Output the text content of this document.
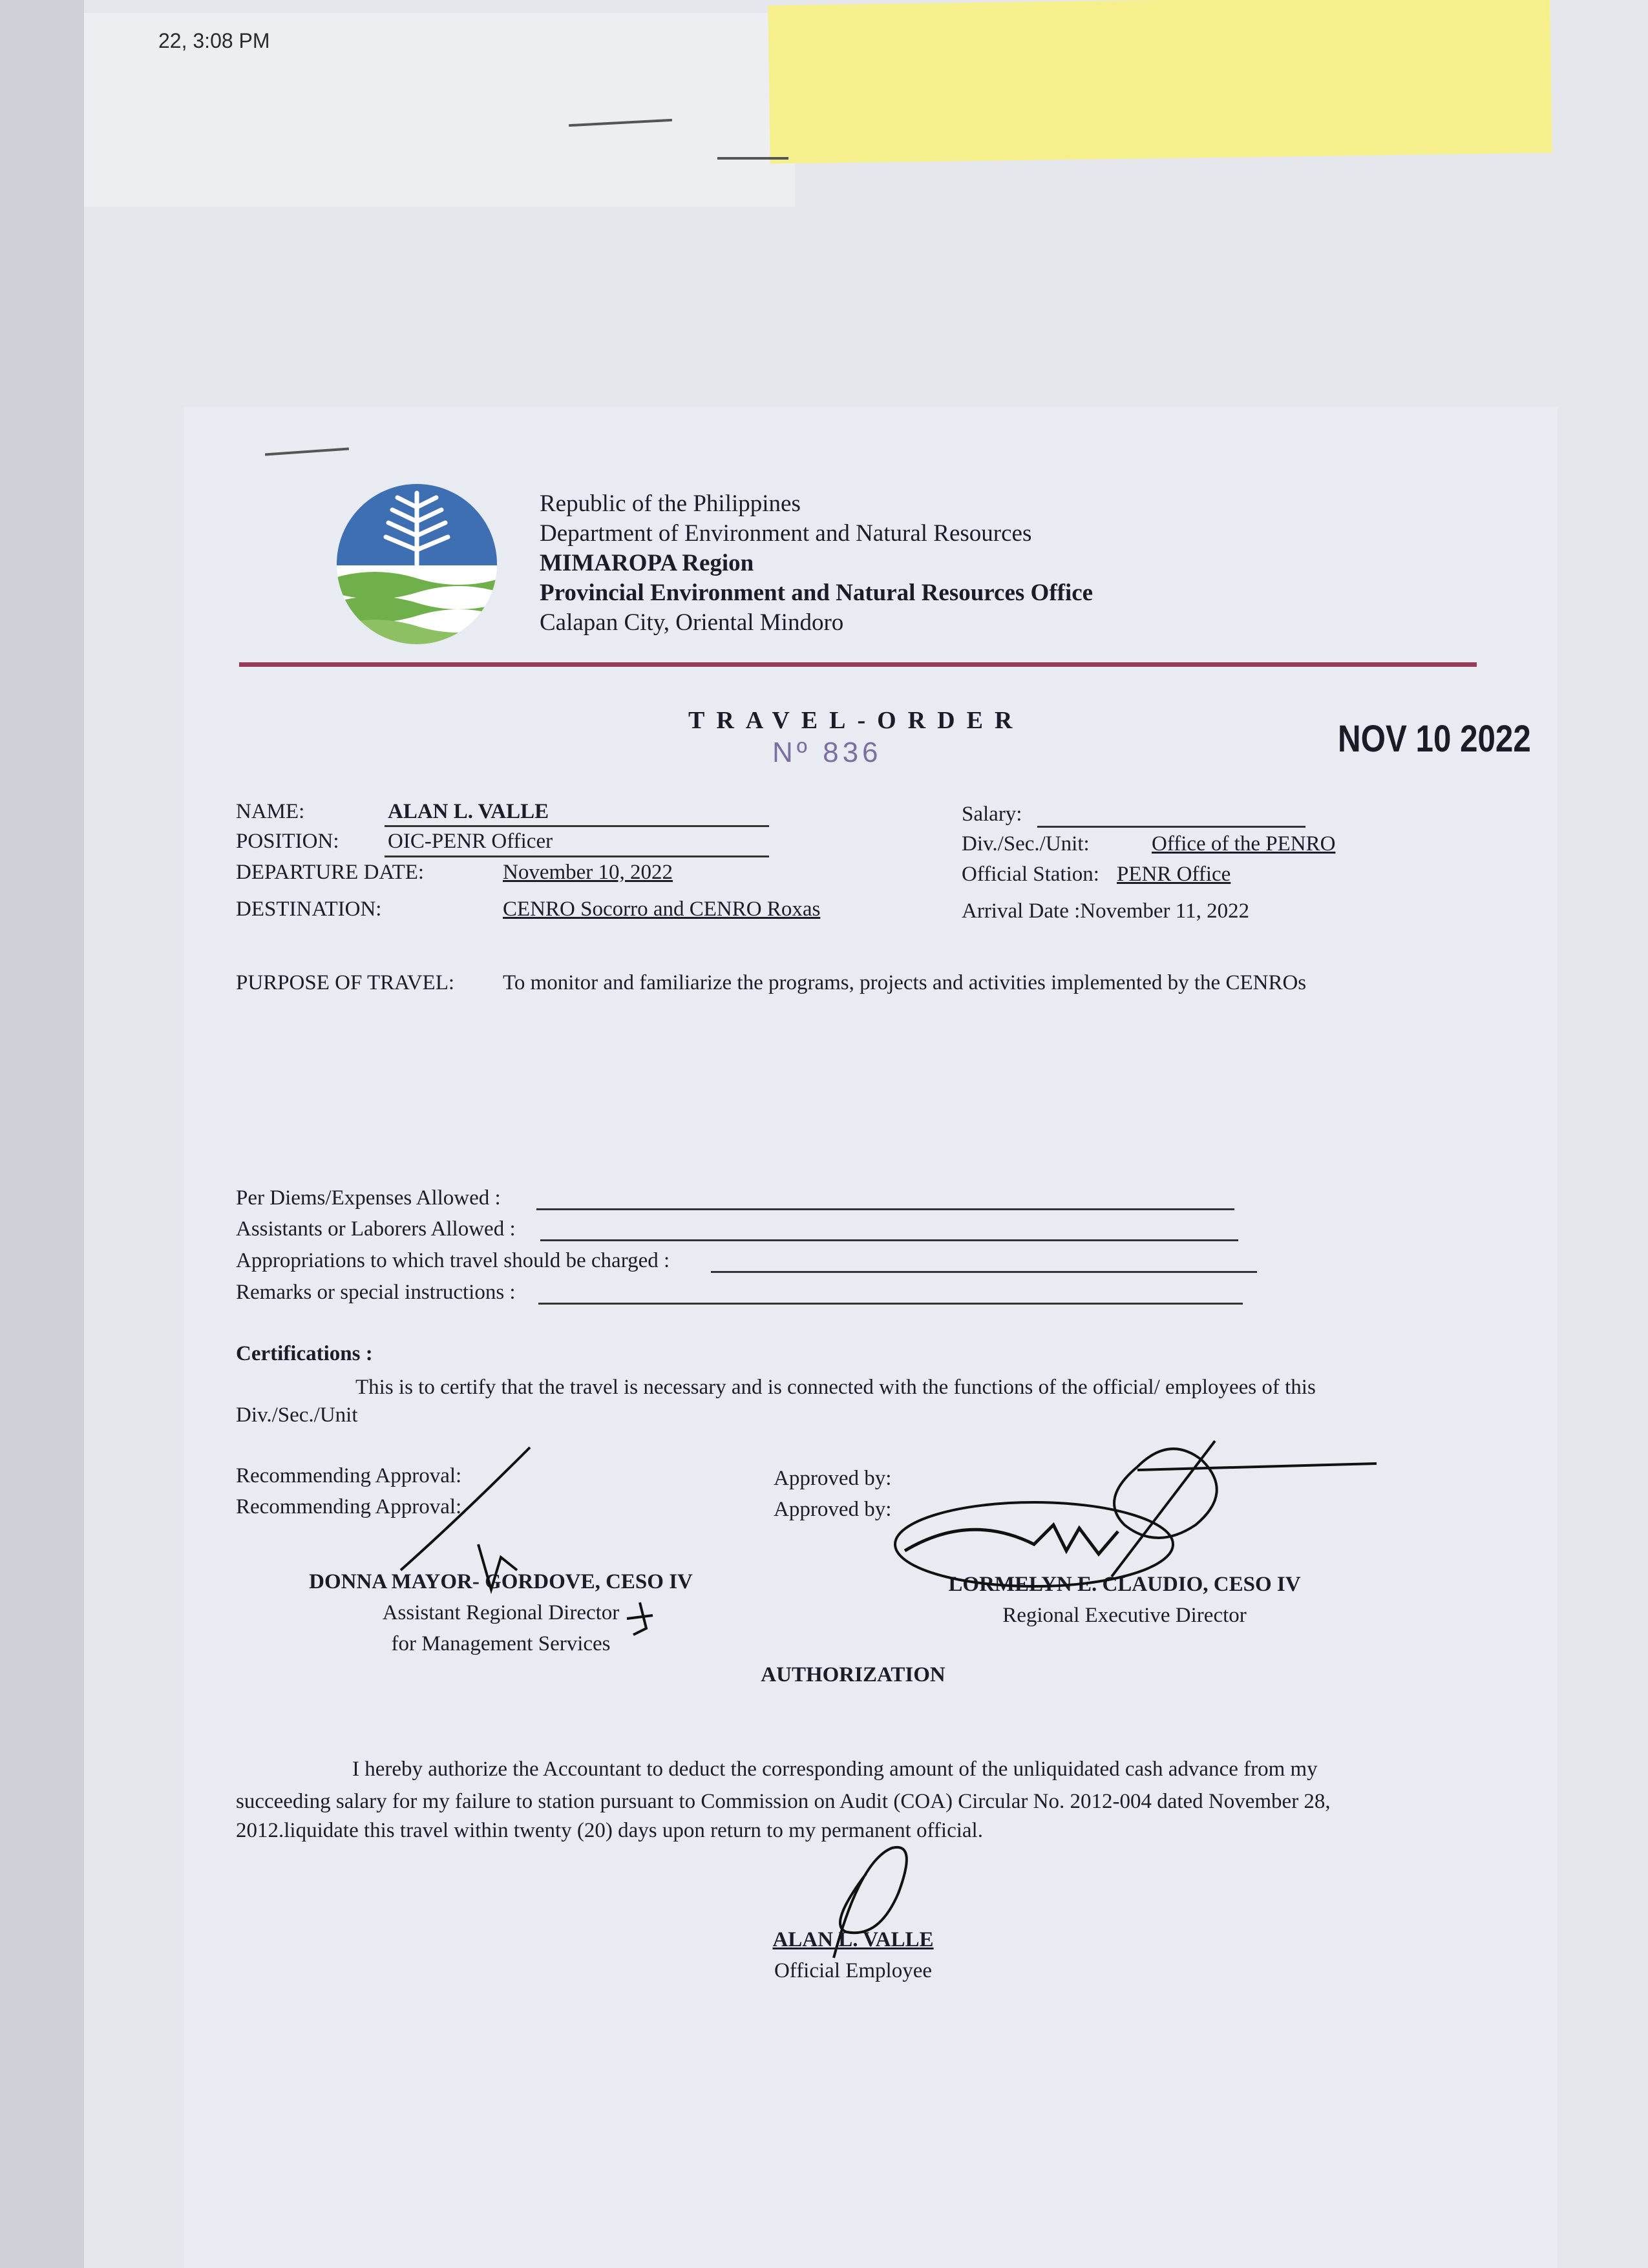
22, 3:08 PM
Republic of the Philippines
Department of Environment and Natural Resources
MIMAROPA Region
Provincial Environment and Natural Resources Office
Calapan City, Oriental Mindoro
TRAVEL-ORDER
Nº 836	NOV 10 2022
NAME:	ALAN L. VALLE
POSITION: OIC-PENR Officer
DEPARTURE DATE:	November 10, 2022
DESTINATION:	CENRO Socorro and CENRO Roxas
Salary:
Div./Sec./Unit:	Office of the PENRO
Official Station: PENR Office
Arrival Date :November 11, 2022
PURPOSE OF TRAVEL: To monitor and familiarize the programs, projects and activities implemented by the CENROs
Per Diems/Expenses Allowed :
Assistants or Laborers Allowed :
Appropriations to which travel should be charged :
Remarks or special instructions :
Certifications :
This is to certify that the travel is necessary and is connected with the functions of the official/ employees of this
Div./Sec./Unit
Recommending Approval:
Recommending Approval:
Approved by:
Approved by:
DONNA MAYOR- GORDOVE, CESO IV
Assistant Regional Director
for Management Services
LORMELYN E. CLAUDIO, CESO IV
Regional Executive Director
AUTHORIZATION
I hereby authorize the Accountant to deduct the corresponding amount of the unliquidated cash advance from my
succeeding salary for my failure to station pursuant to Commission on Audit (COA) Circular No. 2012-004 dated November 28,
2012.liquidate this travel within twenty (20) days upon return to my permanent official.
ALAN L. VALLE
Official Employee
